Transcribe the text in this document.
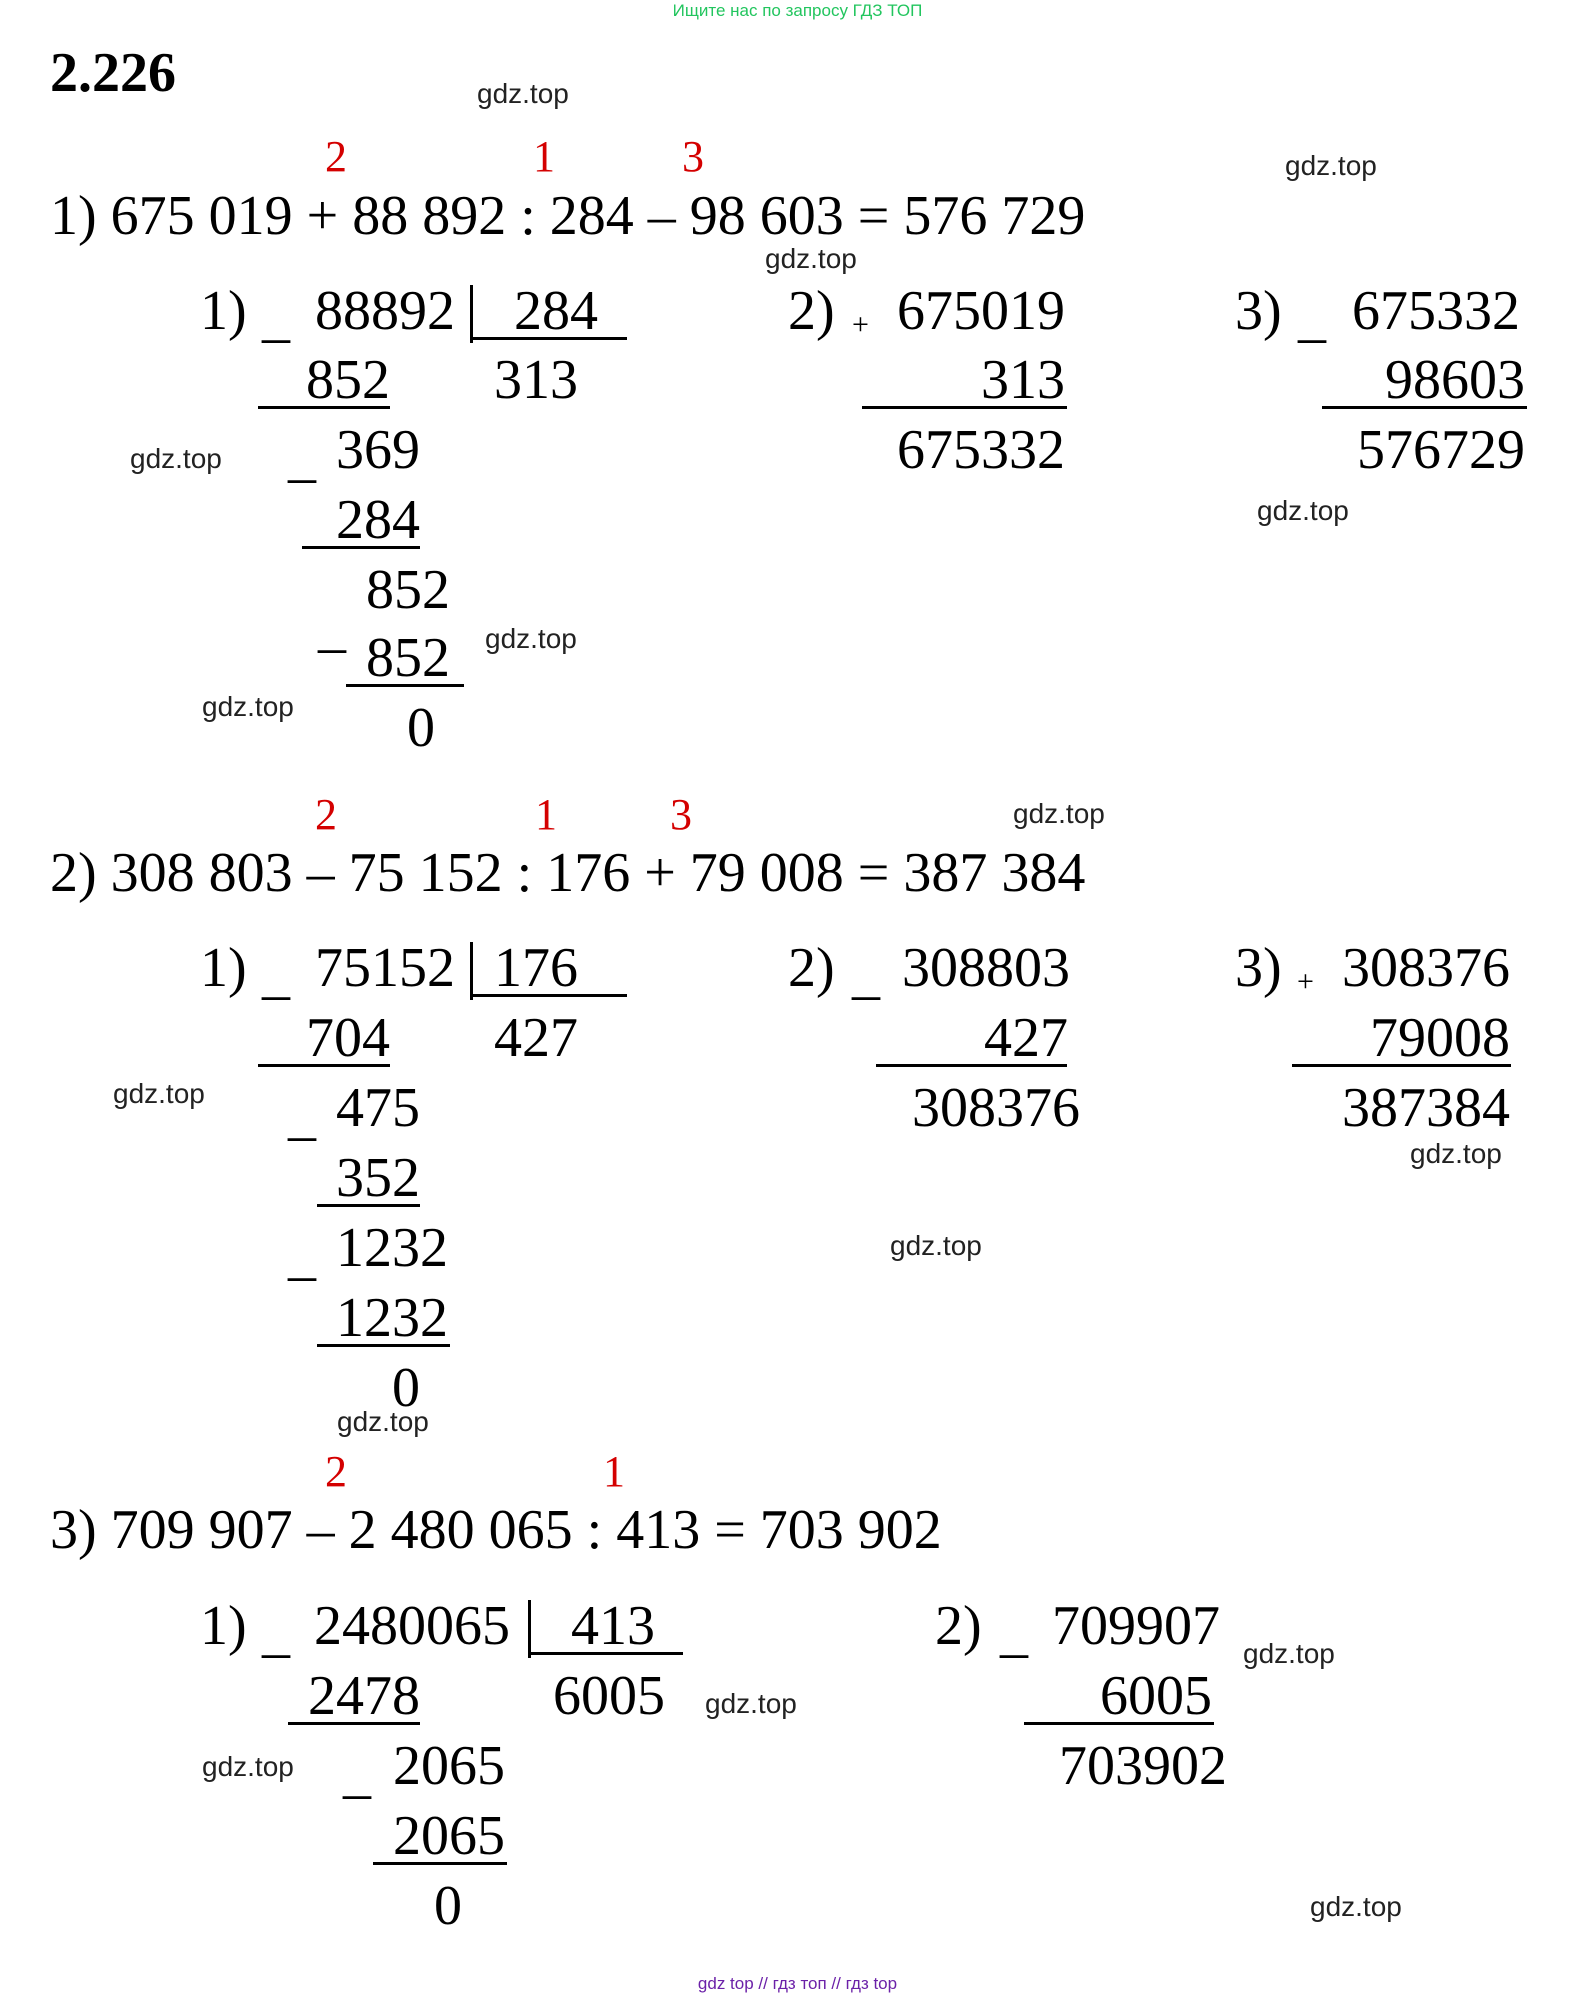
Ищите нас по запросу ГДЗ ТОП
gdz top // гдз топ // гдз top
2.226
2	1	3
1) 675 019 + 88 892 : 284 – 98 603 = 576 729
1) _ 88892	284
313
852
_ 369
284
_
852
852
0
2) + 675019
313
675332
3) _ 675332
98603
576729
2	1	3
2) 308 803 – 75 152 : 176 + 79 008 = 387 384
1) _ 75152 176
427
704
_ 475
352
_ 1232
1232
0
2) _ 308803
427
308376
3) + 308376
79008
387384
2	1
3) 709 907 – 2 480 065 : 413 = 703 902
1) _ 2480065	413
6005
2478
_ 2065
2065
0
2) _ 709907
6005
703902
gdz.top
gdz.top
gdz.top
gdz.top
gdz.top
gdz.top
gdz.top
gdz.top
gdz.top
gdz.top
gdz.top
gdz.top
gdz.top
gdz.top
gdz.top
gdz.top
